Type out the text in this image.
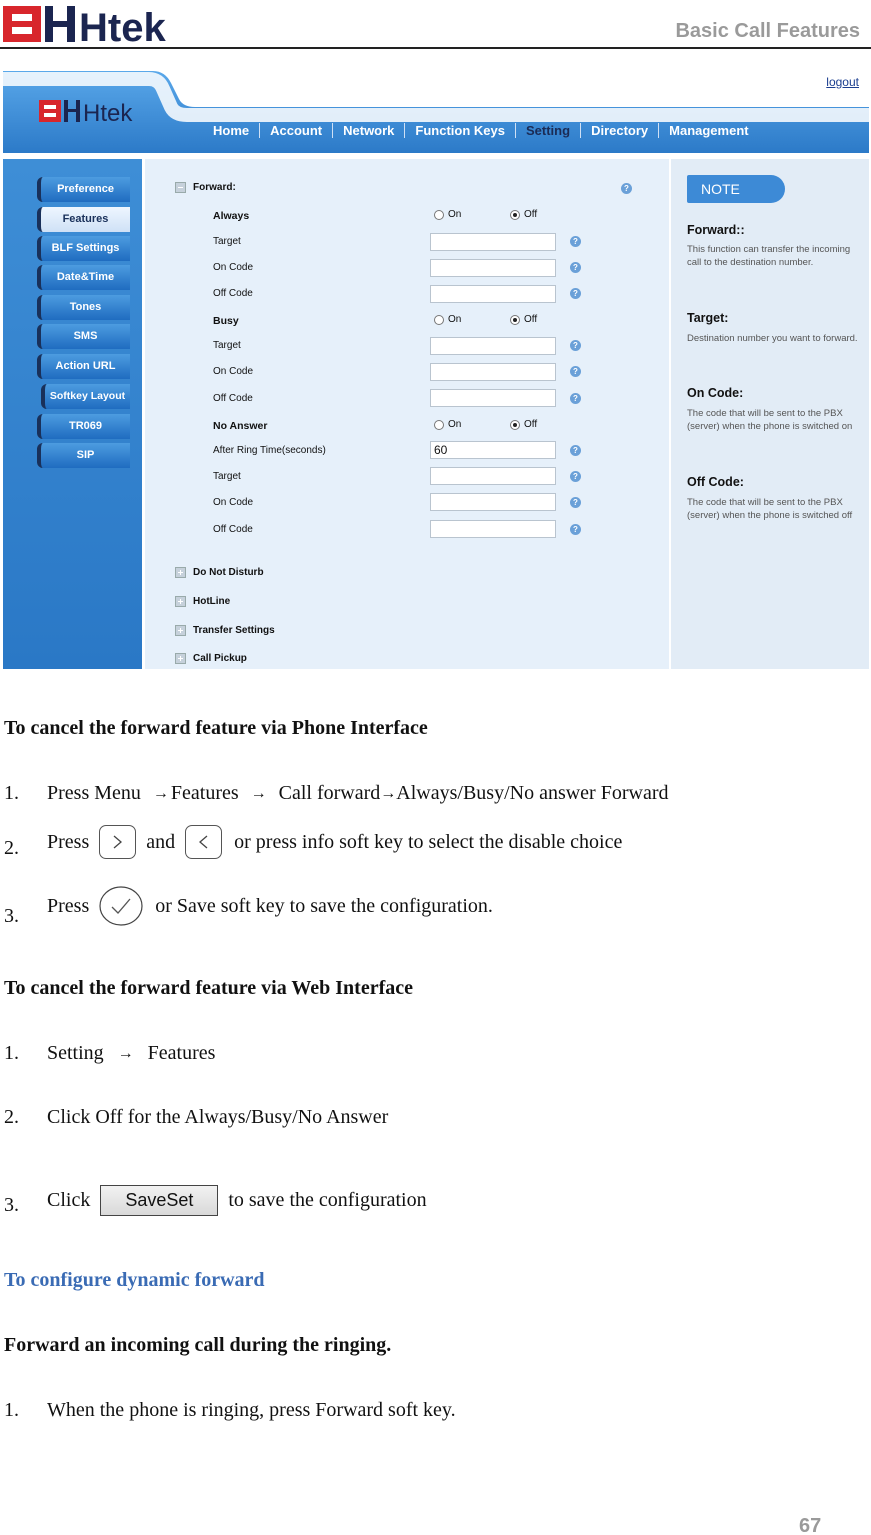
Htek	Basic Call Features
logout
Htek
Home	Account	Network	Function Keys	Setting	Directory	Management
Preference
Features
BLF Settings
Date&Time
Tones
SMS
Action URL
Softkey Layout
TR069
SIP
Forward:	?
Always	On	Off
Target	?
On Code	?
Off Code	?
Busy	On	Off
Target	?
On Code	?
Off Code	?
No Answer	On	Off
After Ring Time(seconds)	60	?
Target	?
On Code	?
Off Code	?
Do Not Disturb
HotLine
Transfer Settings
Call Pickup
NOTE
Forward::
This function can transfer the incoming call to the destination number.
Target:
Destination number you want to forward.
On Code:
The code that will be sent to the PBX (server) when the phone is switched on
Off Code:
The code that will be sent to the PBX (server) when the phone is switched off
To cancel the forward feature via Phone Interface
1. Press Menu → Features → Call forward → Always/Busy/No answer Forward
2. Press	and	or press info soft key to select the disable choice
3. Press	or Save soft key to save the configuration.
To cancel the forward feature via Web Interface
1. Setting → Features
2. Click Off for the Always/Busy/No Answer
3. Click	SaveSet	to save the configuration
To configure dynamic forward
Forward an incoming call during the ringing.
1. When the phone is ringing, press Forward soft key.
67
